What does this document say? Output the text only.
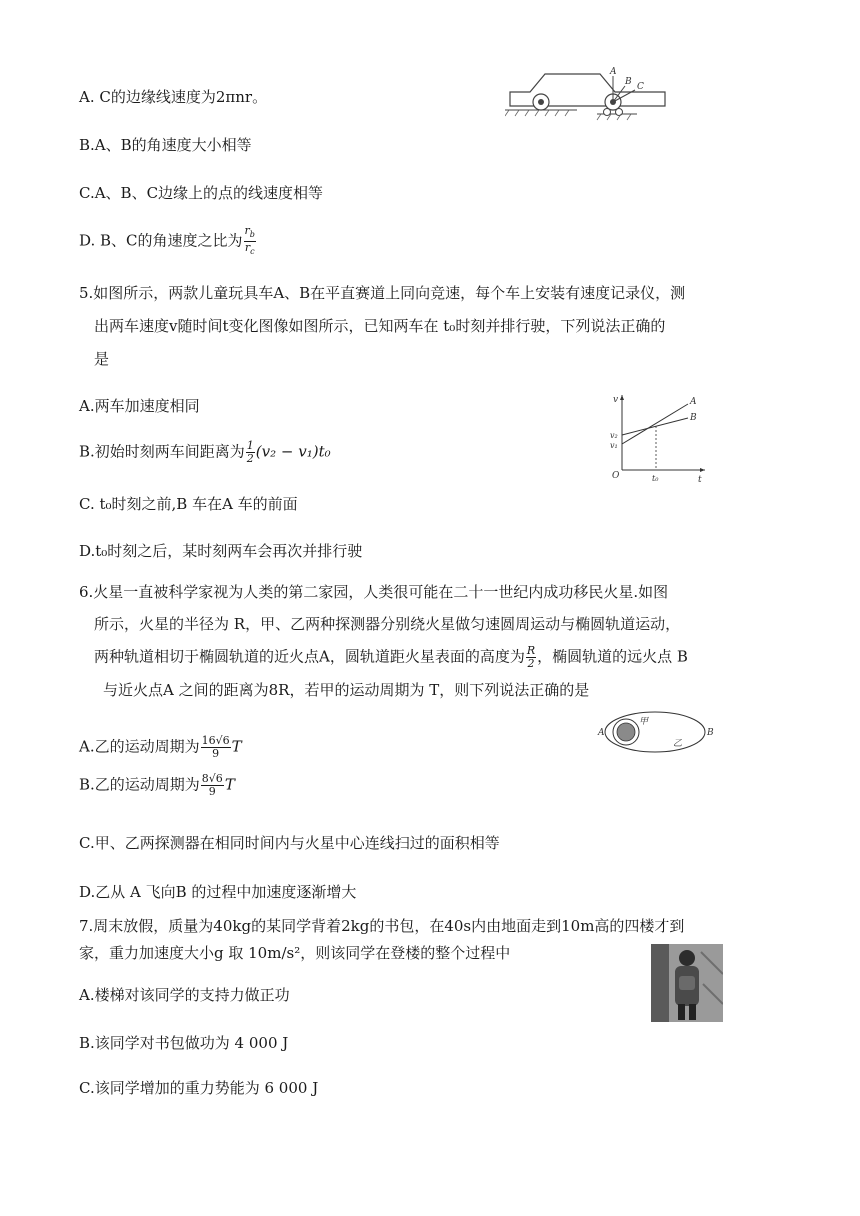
A. C的边缘线速度为2πnr。
B.A、B的角速度大小相等
C.A、B、C边缘上的点的线速度相等
D. B、C的角速度之比为 $\frac{r_b}{r_c}$
A
B C
5.如图所示，两款儿童玩具车A、B在平直赛道上同向竞速，每个车上安装有速度记录仪，测
出两车速度v随时间t变化图像如图所示，已知两车在 t₀时刻并排行驶，下列说法正确的
是
A.两车加速度相同
B.初始时刻两车间距离为 $\frac{1}{2} (v_2 - v_1)t_0$
C. t₀时刻之前,B 车在A 车的前面
D.t₀时刻之后，某时刻两车会再次并排行驶
v	A
B
v₂
v₁
O	t₀	t
6.火星一直被科学家视为人类的第二家园，人类很可能在二十一世纪内成功移民火星.如图
所示，火星的半径为 R，甲、乙两种探测器分别绕火星做匀速圆周运动与椭圆轨道运动，
两种轨道相切于椭圆轨道的近火点A，圆轨道距火星表面的高度为 $\frac{R}{2}$ ，椭圆轨道的远火点 B
与近火点A 之间的距离为8R，若甲的运动周期为 T，则下列说法正确的是
A.乙的运动周期为 $\frac{16√6}{9}$ T
B.乙的运动周期为 $\frac{8√6}{9}$ T
C.甲、乙两探测器在相同时间内与火星中心连线扫过的面积相等
D.乙从 A 飞向B 的过程中加速度逐渐增大
A	B
甲
乙
7.周末放假，质量为40kg的某同学背着2kg的书包，在40s内由地面走到10m高的四楼才到
家，重力加速度大小g 取 10m/s²，则该同学在登楼的整个过程中
A.楼梯对该同学的支持力做正功
B.该同学对书包做功为 4 000 J
C.该同学增加的重力势能为 6 000 J
